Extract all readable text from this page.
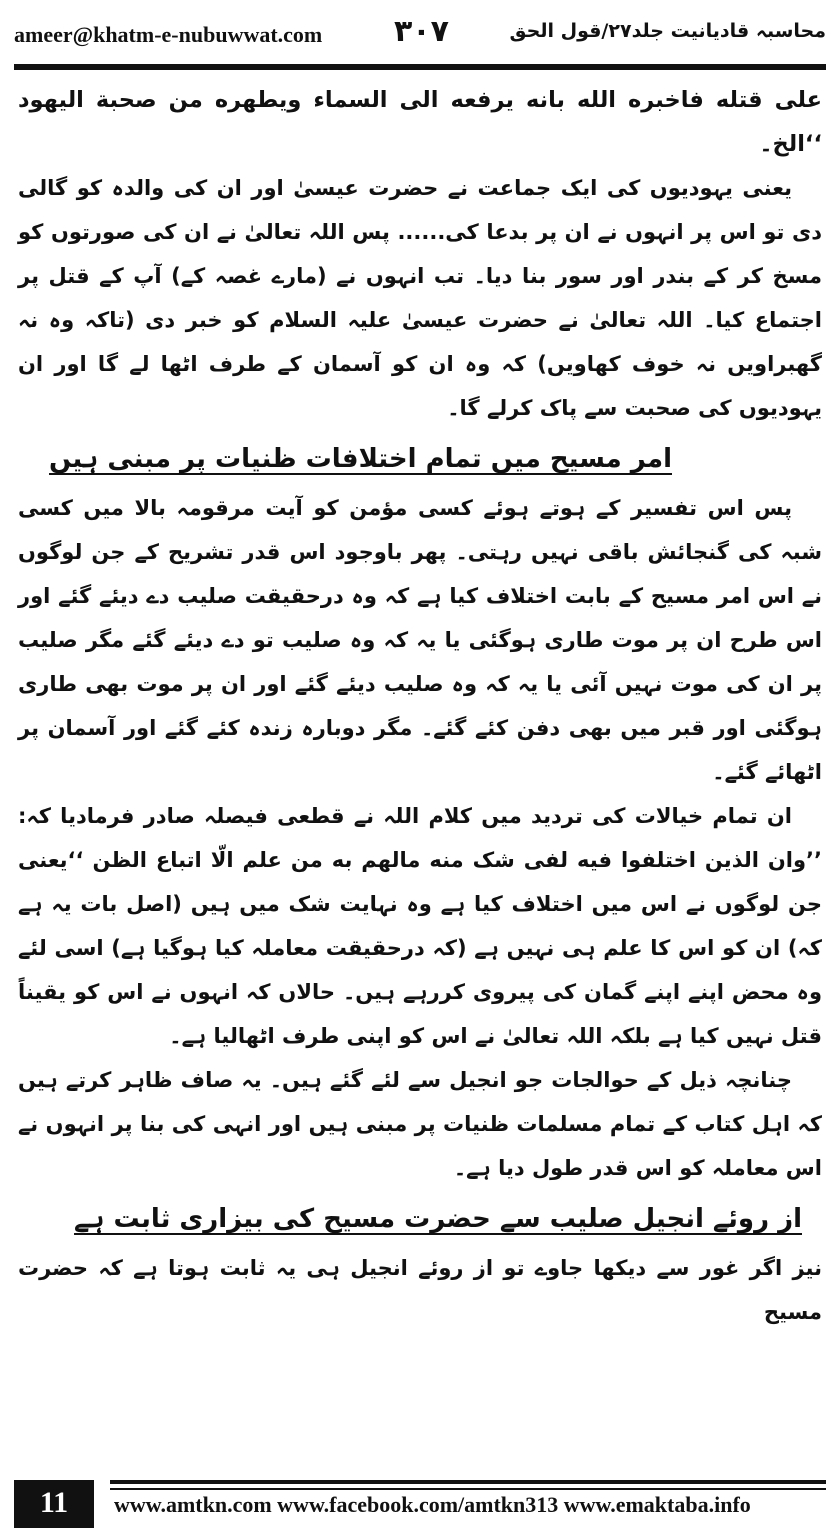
ameer@khatm-e-nubuwwat.com ۳۰۷	محاسبہ قادیانیت جلد۲۷/قول الحق

علی قتله فاخبره الله بانه یرفعه الی السماء ویطهره من صحبة الیهود ‘‘الخ۔

یعنی یہودیوں کی ایک جماعت نے حضرت عیسیٰ اور ان کی والدہ کو گالی دی تو اس پر انہوں نے ان پر بدعا کی...... پس اللہ تعالیٰ نے ان کی صورتوں کو مسخ کر کے بندر اور سور بنا دیا۔ تب انہوں نے (مارے غصہ کے) آپ کے قتل پر اجتماع کیا۔ اللہ تعالیٰ نے حضرت عیسیٰ علیہ السلام کو خبر دی (تاکہ وہ نہ گھبراویں نہ خوف کھاویں) کہ وہ ان کو آسمان کے طرف اٹھا لے گا اور ان یہودیوں کی صحبت سے پاک کرلے گا۔

امر مسیح میں تمام اختلافات ظنیات پر مبنی ہیں

پس اس تفسیر کے ہوتے ہوئے کسی مؤمن کو آیت مرقومہ بالا میں کسی شبہ کی گنجائش باقی نہیں رہتی۔ پھر باوجود اس قدر تشریح کے جن لوگوں نے اس امر مسیح کے بابت اختلاف کیا ہے کہ وہ درحقیقت صلیب دے دیئے گئے اور اس طرح ان پر موت طاری ہوگئی یا یہ کہ وہ صلیب تو دے دیئے گئے مگر صلیب پر ان کی موت نہیں آئی یا یہ کہ وہ صلیب دیئے گئے اور ان پر موت بھی طاری ہوگئی اور قبر میں بھی دفن کئے گئے۔ مگر دوبارہ زندہ کئے گئے اور آسمان پر اٹھائے گئے۔

ان تمام خیالات کی تردید میں کلام اللہ نے قطعی فیصلہ صادر فرمادیا کہ: ’’وان الذین اختلفوا فیه لفی شک منه مالهم به من علم الّا اتباع الظن ‘‘یعنی جن لوگوں نے اس میں اختلاف کیا ہے وہ نہایت شک میں ہیں (اصل بات یہ ہے کہ) ان کو اس کا علم ہی نہیں ہے (کہ درحقیقت معاملہ کیا ہوگیا ہے) اسی لئے وہ محض اپنے اپنے گمان کی پیروی کررہے ہیں۔ حالاں کہ انہوں نے اس کو یقیناً قتل نہیں کیا ہے بلکہ اللہ تعالیٰ نے اس کو اپنی طرف اٹھالیا ہے۔

چنانچہ ذیل کے حوالجات جو انجیل سے لئے گئے ہیں۔ یہ صاف ظاہر کرتے ہیں کہ اہل کتاب کے تمام مسلمات ظنیات پر مبنی ہیں اور انہی کی بنا پر انہوں نے اس معاملہ کو اس قدر طول دیا ہے۔

از روئے انجیل صلیب سے حضرت مسیح کی بیزاری ثابت ہے

نیز اگر غور سے دیکھا جاوے تو از روئے انجیل ہی یہ ثابت ہوتا ہے کہ حضرت مسیح

11	www.amtkn.com www.facebook.com/amtkn313 www.emaktaba.info
